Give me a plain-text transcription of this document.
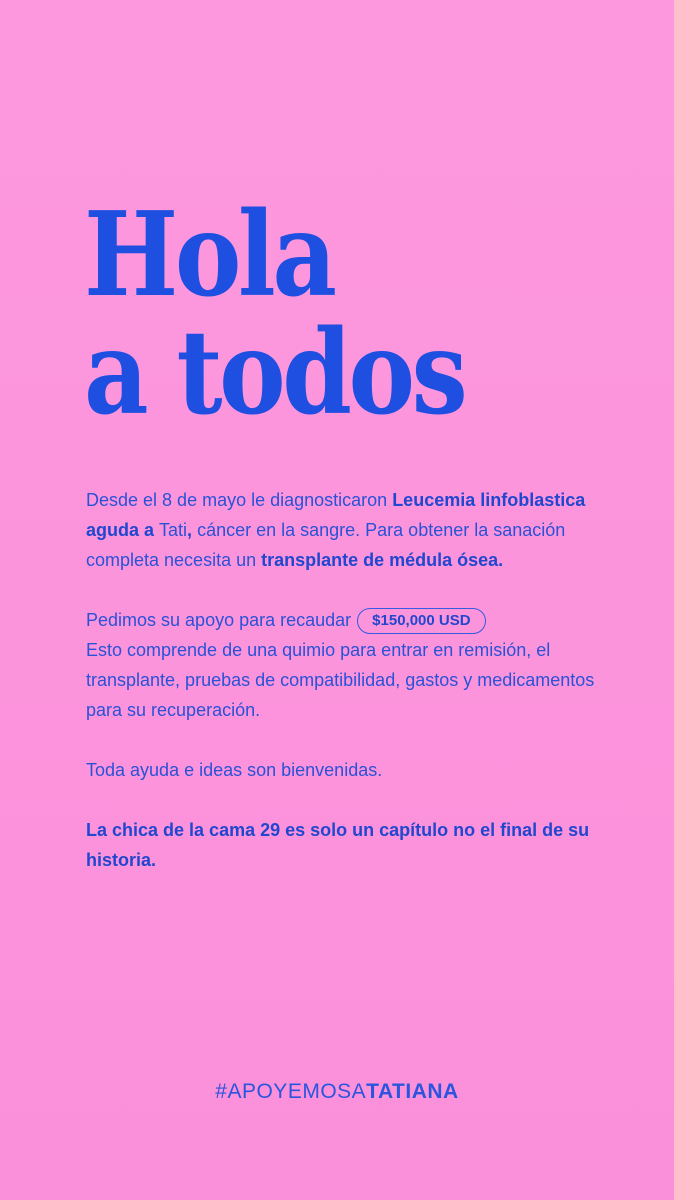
Hola
a todos

Desde el 8 de mayo le diagnosticaron Leucemia linfoblastica aguda a Tati, cáncer en la sangre. Para obtener la sanación completa necesita un transplante de médula ósea.

Pedimos su apoyo para recaudar $150,000 USD
Esto comprende de una quimio para entrar en remisión, el transplante, pruebas de compatibilidad, gastos y medicamentos para su recuperación.

Toda ayuda e ideas son bienvenidas.

La chica de la cama 29 es solo un capítulo no el final de su historia.

#APOYEMOSATATIANA
